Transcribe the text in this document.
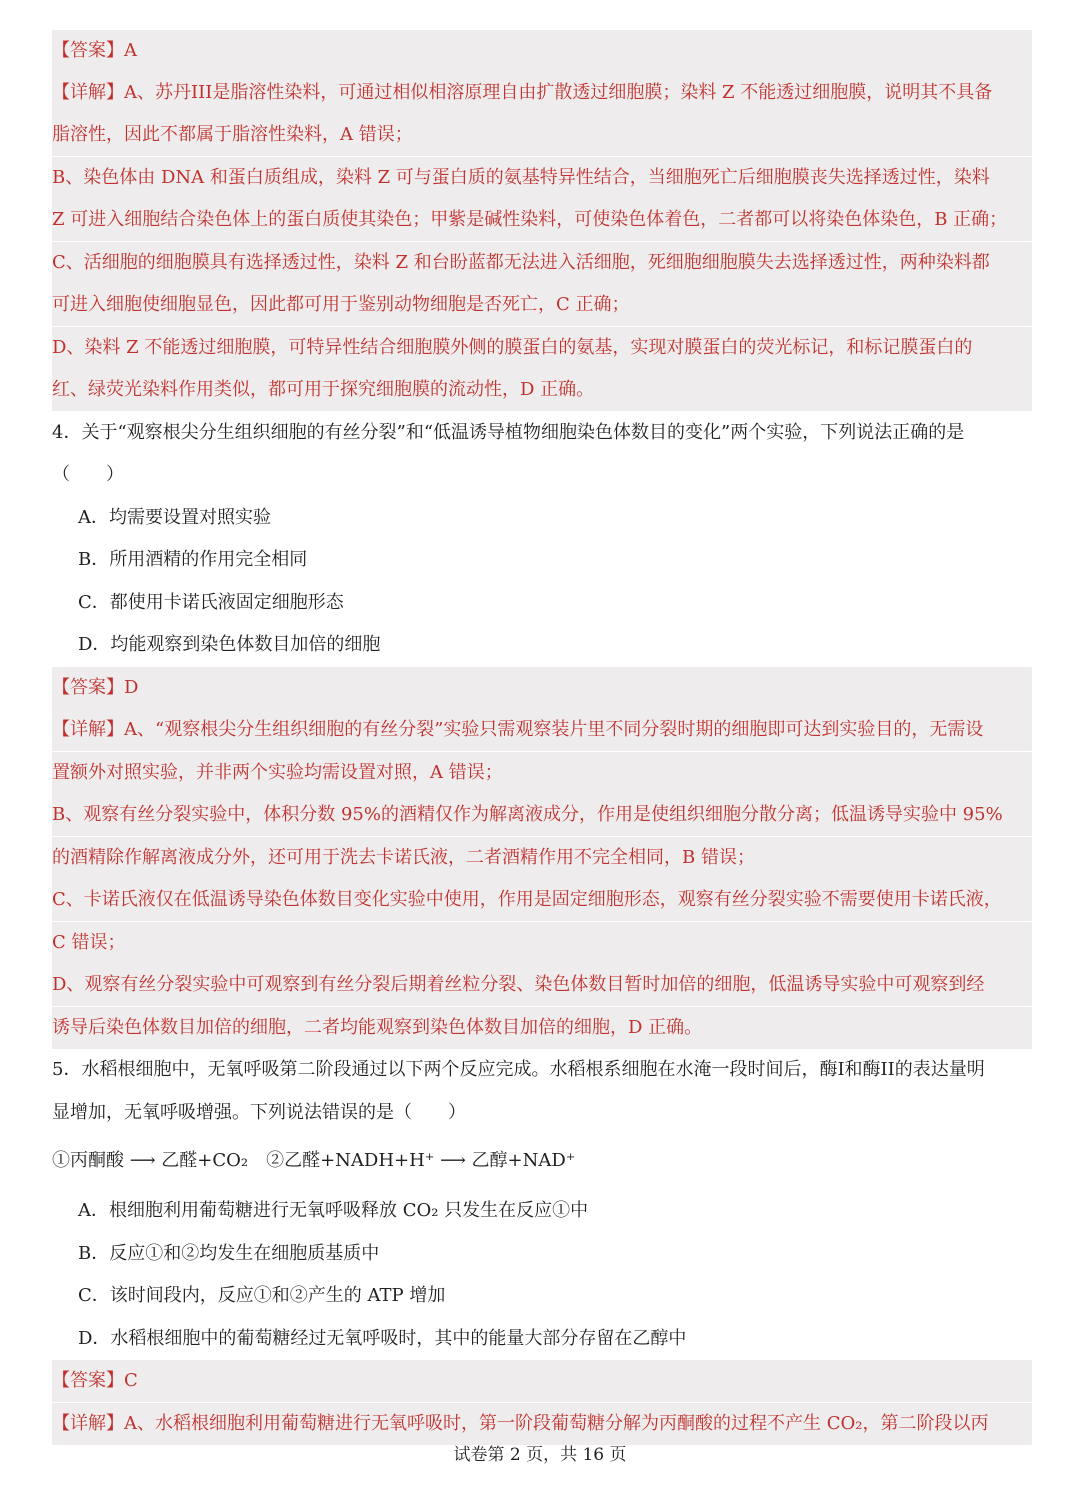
【答案】A
【详解】A、苏丹III是脂溶性染料，可通过相似相溶原理自由扩散透过细胞膜；染料 Z 不能透过细胞膜，说明其不具备
脂溶性，因此不都属于脂溶性染料，A 错误；
B、染色体由 DNA 和蛋白质组成，染料 Z 可与蛋白质的氨基特异性结合，当细胞死亡后细胞膜丧失选择透过性，染料
Z 可进入细胞结合染色体上的蛋白质使其染色；甲紫是碱性染料，可使染色体着色，二者都可以将染色体染色，B 正确；
C、活细胞的细胞膜具有选择透过性，染料 Z 和台盼蓝都无法进入活细胞，死细胞细胞膜失去选择透过性，两种染料都
可进入细胞使细胞显色，因此都可用于鉴别动物细胞是否死亡，C 正确；
D、染料 Z 不能透过细胞膜，可特异性结合细胞膜外侧的膜蛋白的氨基，实现对膜蛋白的荧光标记，和标记膜蛋白的
红、绿荧光染料作用类似，都可用于探究细胞膜的流动性，D 正确。
4．关于“观察根尖分生组织细胞的有丝分裂”和“低温诱导植物细胞染色体数目的变化”两个实验，下列说法正确的是
（　　）
A．均需要设置对照实验
B．所用酒精的作用完全相同
C．都使用卡诺氏液固定细胞形态
D．均能观察到染色体数目加倍的细胞
【答案】D
【详解】A、“观察根尖分生组织细胞的有丝分裂”实验只需观察装片里不同分裂时期的细胞即可达到实验目的，无需设
置额外对照实验，并非两个实验均需设置对照，A 错误；
B、观察有丝分裂实验中，体积分数 95%的酒精仅作为解离液成分，作用是使组织细胞分散分离；低温诱导实验中 95%
的酒精除作解离液成分外，还可用于洗去卡诺氏液，二者酒精作用不完全相同，B 错误；
C、卡诺氏液仅在低温诱导染色体数目变化实验中使用，作用是固定细胞形态，观察有丝分裂实验不需要使用卡诺氏液，
C 错误；
D、观察有丝分裂实验中可观察到有丝分裂后期着丝粒分裂、染色体数目暂时加倍的细胞，低温诱导实验中可观察到经
诱导后染色体数目加倍的细胞，二者均能观察到染色体数目加倍的细胞，D 正确。
5．水稻根细胞中，无氧呼吸第二阶段通过以下两个反应完成。水稻根系细胞在水淹一段时间后，酶I和酶II的表达量明
显增加，无氧呼吸增强。下列说法错误的是（　　）
①丙酮酸 ⟶ 乙醛+CO₂　②乙醛+NADH+H⁺ ⟶ 乙醇+NAD⁺
A．根细胞利用葡萄糖进行无氧呼吸释放 CO₂ 只发生在反应①中
B．反应①和②均发生在细胞质基质中
C．该时间段内，反应①和②产生的 ATP 增加
D．水稻根细胞中的葡萄糖经过无氧呼吸时，其中的能量大部分存留在乙醇中
【答案】C
【详解】A、水稻根细胞利用葡萄糖进行无氧呼吸时，第一阶段葡萄糖分解为丙酮酸的过程不产生 CO₂，第二阶段以丙
试卷第 2 页，共 16 页
